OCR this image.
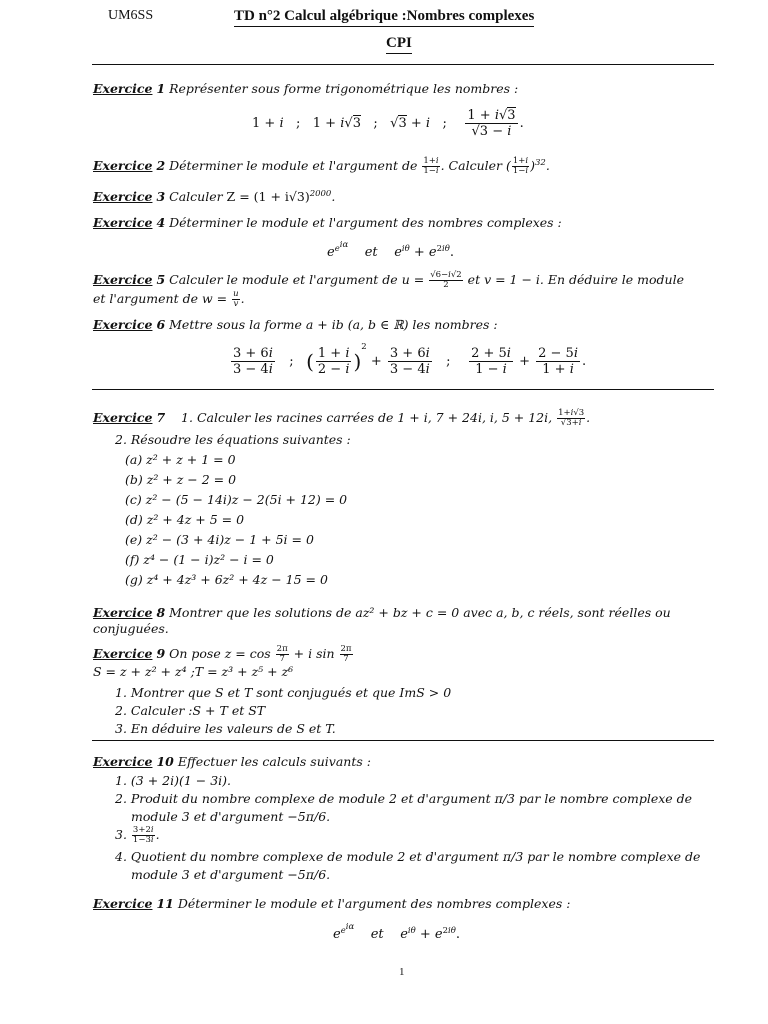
UM6SS	TD n°2 Calcul algébrique :Nombres complexes
CPI
Exercice 1 Représenter sous forme trigonométrique les nombres :
1 + i   ;   1 + i√3   ;   √3 + i   ; $\frac{1 + i√3}{√3 - i}$ .
Exercice 2 Déterminer le module et l'argument de $\frac{1+i}{1-i}$ . Calculer ( $\frac{1+i}{1-i} )^{32}$.
Exercice 3 Calculer $Z = (1 + i√3)^{2000}$.
Exercice 4 Déterminer le module et l'argument des nombres complexes :
$e^{e^{i\alpha}}$    et $e^{i\theta} + e^{2i\theta}$.
Exercice 5 Calculer le module et l'argument de $u = \frac{√6-i√2}{2}$ et v = 1 − i. En déduire le module
et l'argument de $w = \frac{u}{v}$ .
Exercice 6 Mettre sous la forme a + ib (a, b ∈ ℝ) les nombres :
$\frac{3 + 6i}{3 - 4i}$ ;   ( $\frac{1 + i}{2 - i} )^2 + \frac{3 + 6i}{3 - 4i}$ ; $\frac{2 + 5i}{1 - i} + \frac{2 - 5i}{1 + i}$ .
Exercice 7 1. Calculer les racines carrées de 1 + i, 7 + 24i, i, 5 + 12i, $\frac{1+i√3}{√3+i}$ .
2. Résoudre les équations suivantes :
(a) z² + z + 1 = 0
(b) z² + z − 2 = 0
(c) z² − (5 − 14i)z − 2(5i + 12) = 0
(d) z² + 4z + 5 = 0
(e) z² − (3 + 4i)z − 1 + 5i = 0
(f) z⁴ − (1 − i)z² − i = 0
(g) z⁴ + 4z³ + 6z² + 4z − 15 = 0
Exercice 8 Montrer que les solutions de az² + bz + c = 0 avec a, b, c réels, sont réelles ou conjuguées.
Exercice 9 On pose $z = \cos \frac{2\pi}{7} + i$ $\sin \frac{2\pi}{7}$

S = z + z² + z⁴ ;T = z³ + z⁵ + z⁶
1. Montrer que S et T sont conjugués et que ImS > 0
2. Calculer :S + T et ST
3. En déduire les valeurs de S et T.
Exercice 10 Effectuer les calculs suivants :
1. (3 + 2i)(1 − 3i).
2. Produit du nombre complexe de module 2 et d'argument π/3 par le nombre complexe de
module 3 et d'argument −5π/6.
3. $\frac{3+2i}{1-3i}$ .
4. Quotient du nombre complexe de module 2 et d'argument π/3 par le nombre complexe de
module 3 et d'argument −5π/6.
Exercice 11 Déterminer le module et l'argument des nombres complexes :
$e^{e^{i\alpha}}$    et $e^{i\theta} + e^{2i\theta}$.
1
